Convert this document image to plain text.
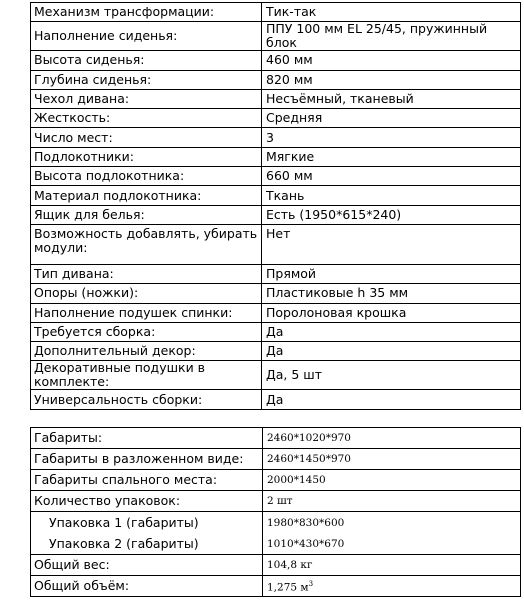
Механизм трансформации:	Тик-так
Наполнение сиденья:	ППУ 100 мм EL 25/45, пружинный блок
Высота сиденья:	460 мм
Глубина сиденья:	820 мм
Чехол дивана:	Несъёмный, тканевый
Жесткость:	Средняя
Число мест:	3
Подлокотники:	Мягкие
Высота подлокотника:	660 мм
Материал подлокотника:	Ткань
Ящик для белья:	Есть (1950*615*240)
Возможность добавлять, убирать модули:	Нет
Тип дивана:	Прямой
Опоры (ножки):	Пластиковые h 35 мм
Наполнение подушек спинки:	Поролоновая крошка
Требуется сборка:	Да
Дополнительный декор:	Да
Декоративные подушки в комплекте:	Да, 5 шт
Универсальность сборки:	Да
Габариты:	2460*1020*970
Габариты в разложенном виде:	2460*1450*970
Габариты спального места:	2000*1450
Количество упаковок:	2 шт
Упаковка 1 (габариты)	1980*830*600
Упаковка 2 (габариты)	1010*430*670
Общий вес:	104,8 кг
Общий объём:	1,275 $м^3$
